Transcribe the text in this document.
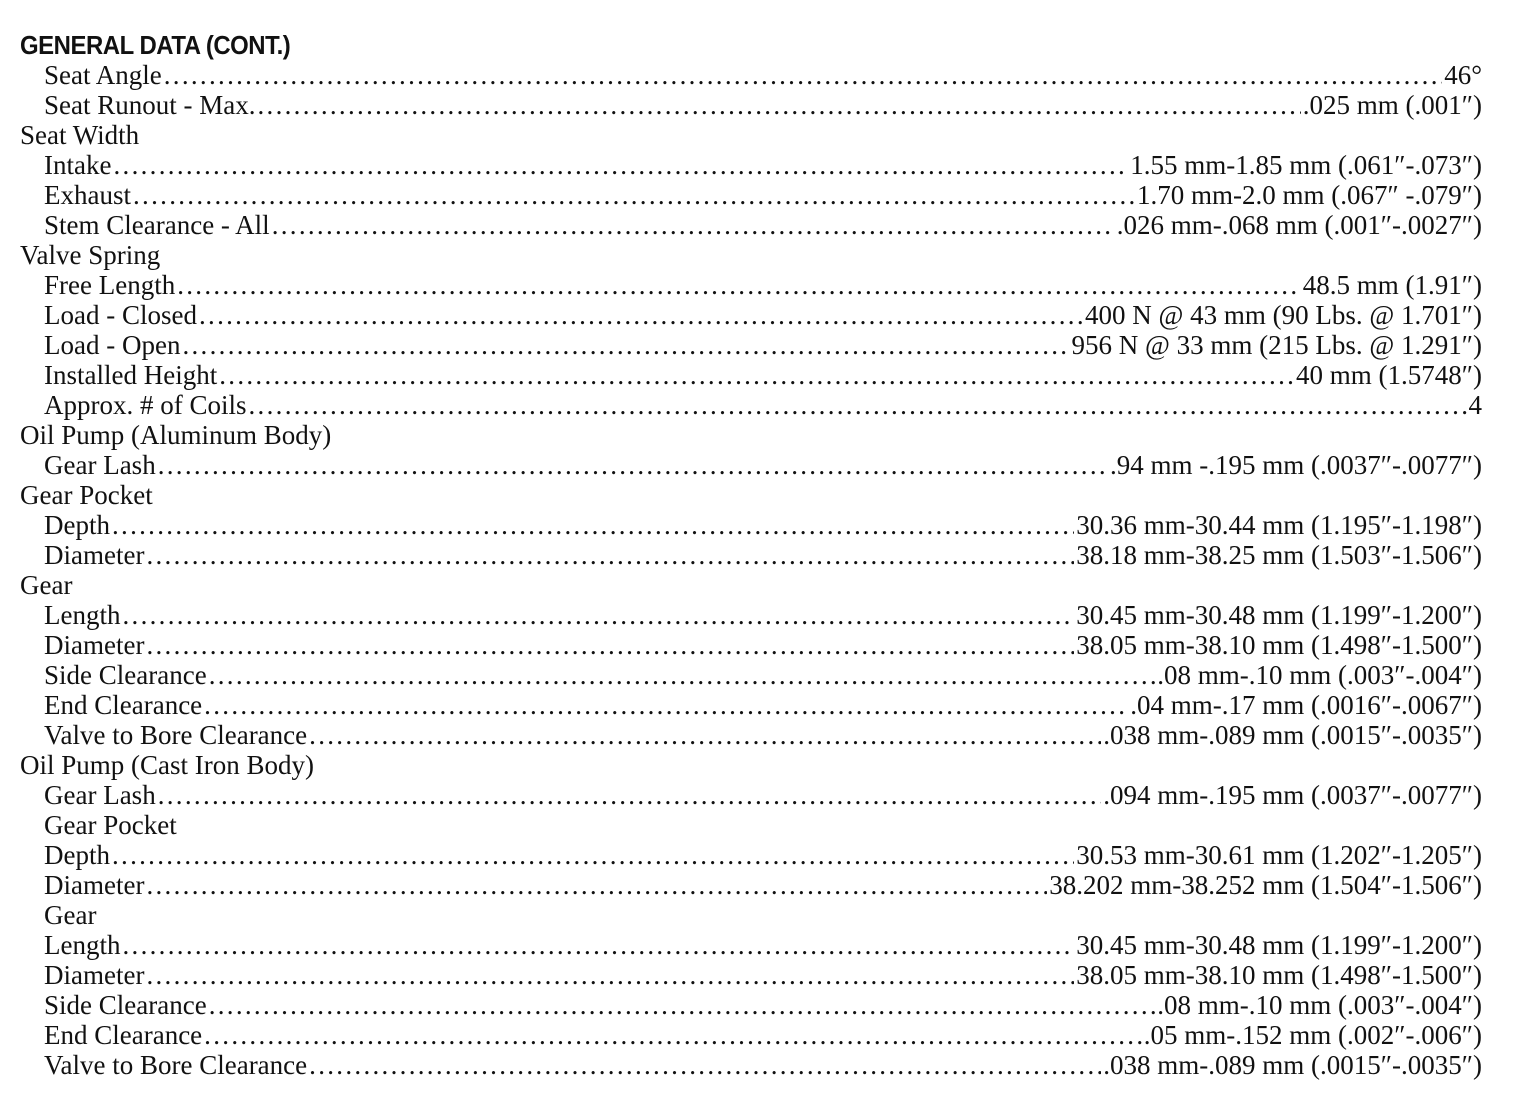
GENERAL DATA (CONT.)
Seat Angle .....	46°
Seat Runout - Max. .....	.025 mm (.001″)
Seat Width
Intake .....	1.55 mm-1.85 mm (.061″-.073″)
Exhaust .....	1.70 mm-2.0 mm (.067″ -.079″)
Stem Clearance - All .....	.026 mm-.068 mm (.001″-.0027″)
Valve Spring
Free Length .....	48.5 mm (1.91″)
Load - Closed .....	400 N @ 43 mm (90 Lbs. @ 1.701″)
Load - Open .....	956 N @ 33 mm (215 Lbs. @ 1.291″)
Installed Height .....	40 mm (1.5748″)
Approx. # of Coils .....	4
Oil Pump (Aluminum Body)
Gear Lash .....	.94 mm -.195 mm (.0037″-.0077″)
Gear Pocket
Depth .....	30.36 mm-30.44 mm (1.195″-1.198″)
Diameter .....	38.18 mm-38.25 mm (1.503″-1.506″)
Gear
Length .....	30.45 mm-30.48 mm (1.199″-1.200″)
Diameter .....	38.05 mm-38.10 mm (1.498″-1.500″)
Side Clearance .....	.08 mm-.10 mm (.003″-.004″)
End Clearance .....	.04 mm-.17 mm (.0016″-.0067″)
Valve to Bore Clearance .....	.038 mm-.089 mm (.0015″-.0035″)
Oil Pump (Cast Iron Body)
Gear Lash .....	.094 mm-.195 mm (.0037″-.0077″)
Gear Pocket
Depth .....	30.53 mm-30.61 mm (1.202″-1.205″)
Diameter .....	38.202 mm-38.252 mm (1.504″-1.506″)
Gear
Length .....	30.45 mm-30.48 mm (1.199″-1.200″)
Diameter .....	38.05 mm-38.10 mm (1.498″-1.500″)
Side Clearance .....	.08 mm-.10 mm (.003″-.004″)
End Clearance .....	.05 mm-.152 mm (.002″-.006″)
Valve to Bore Clearance .....	.038 mm-.089 mm (.0015″-.0035″)
